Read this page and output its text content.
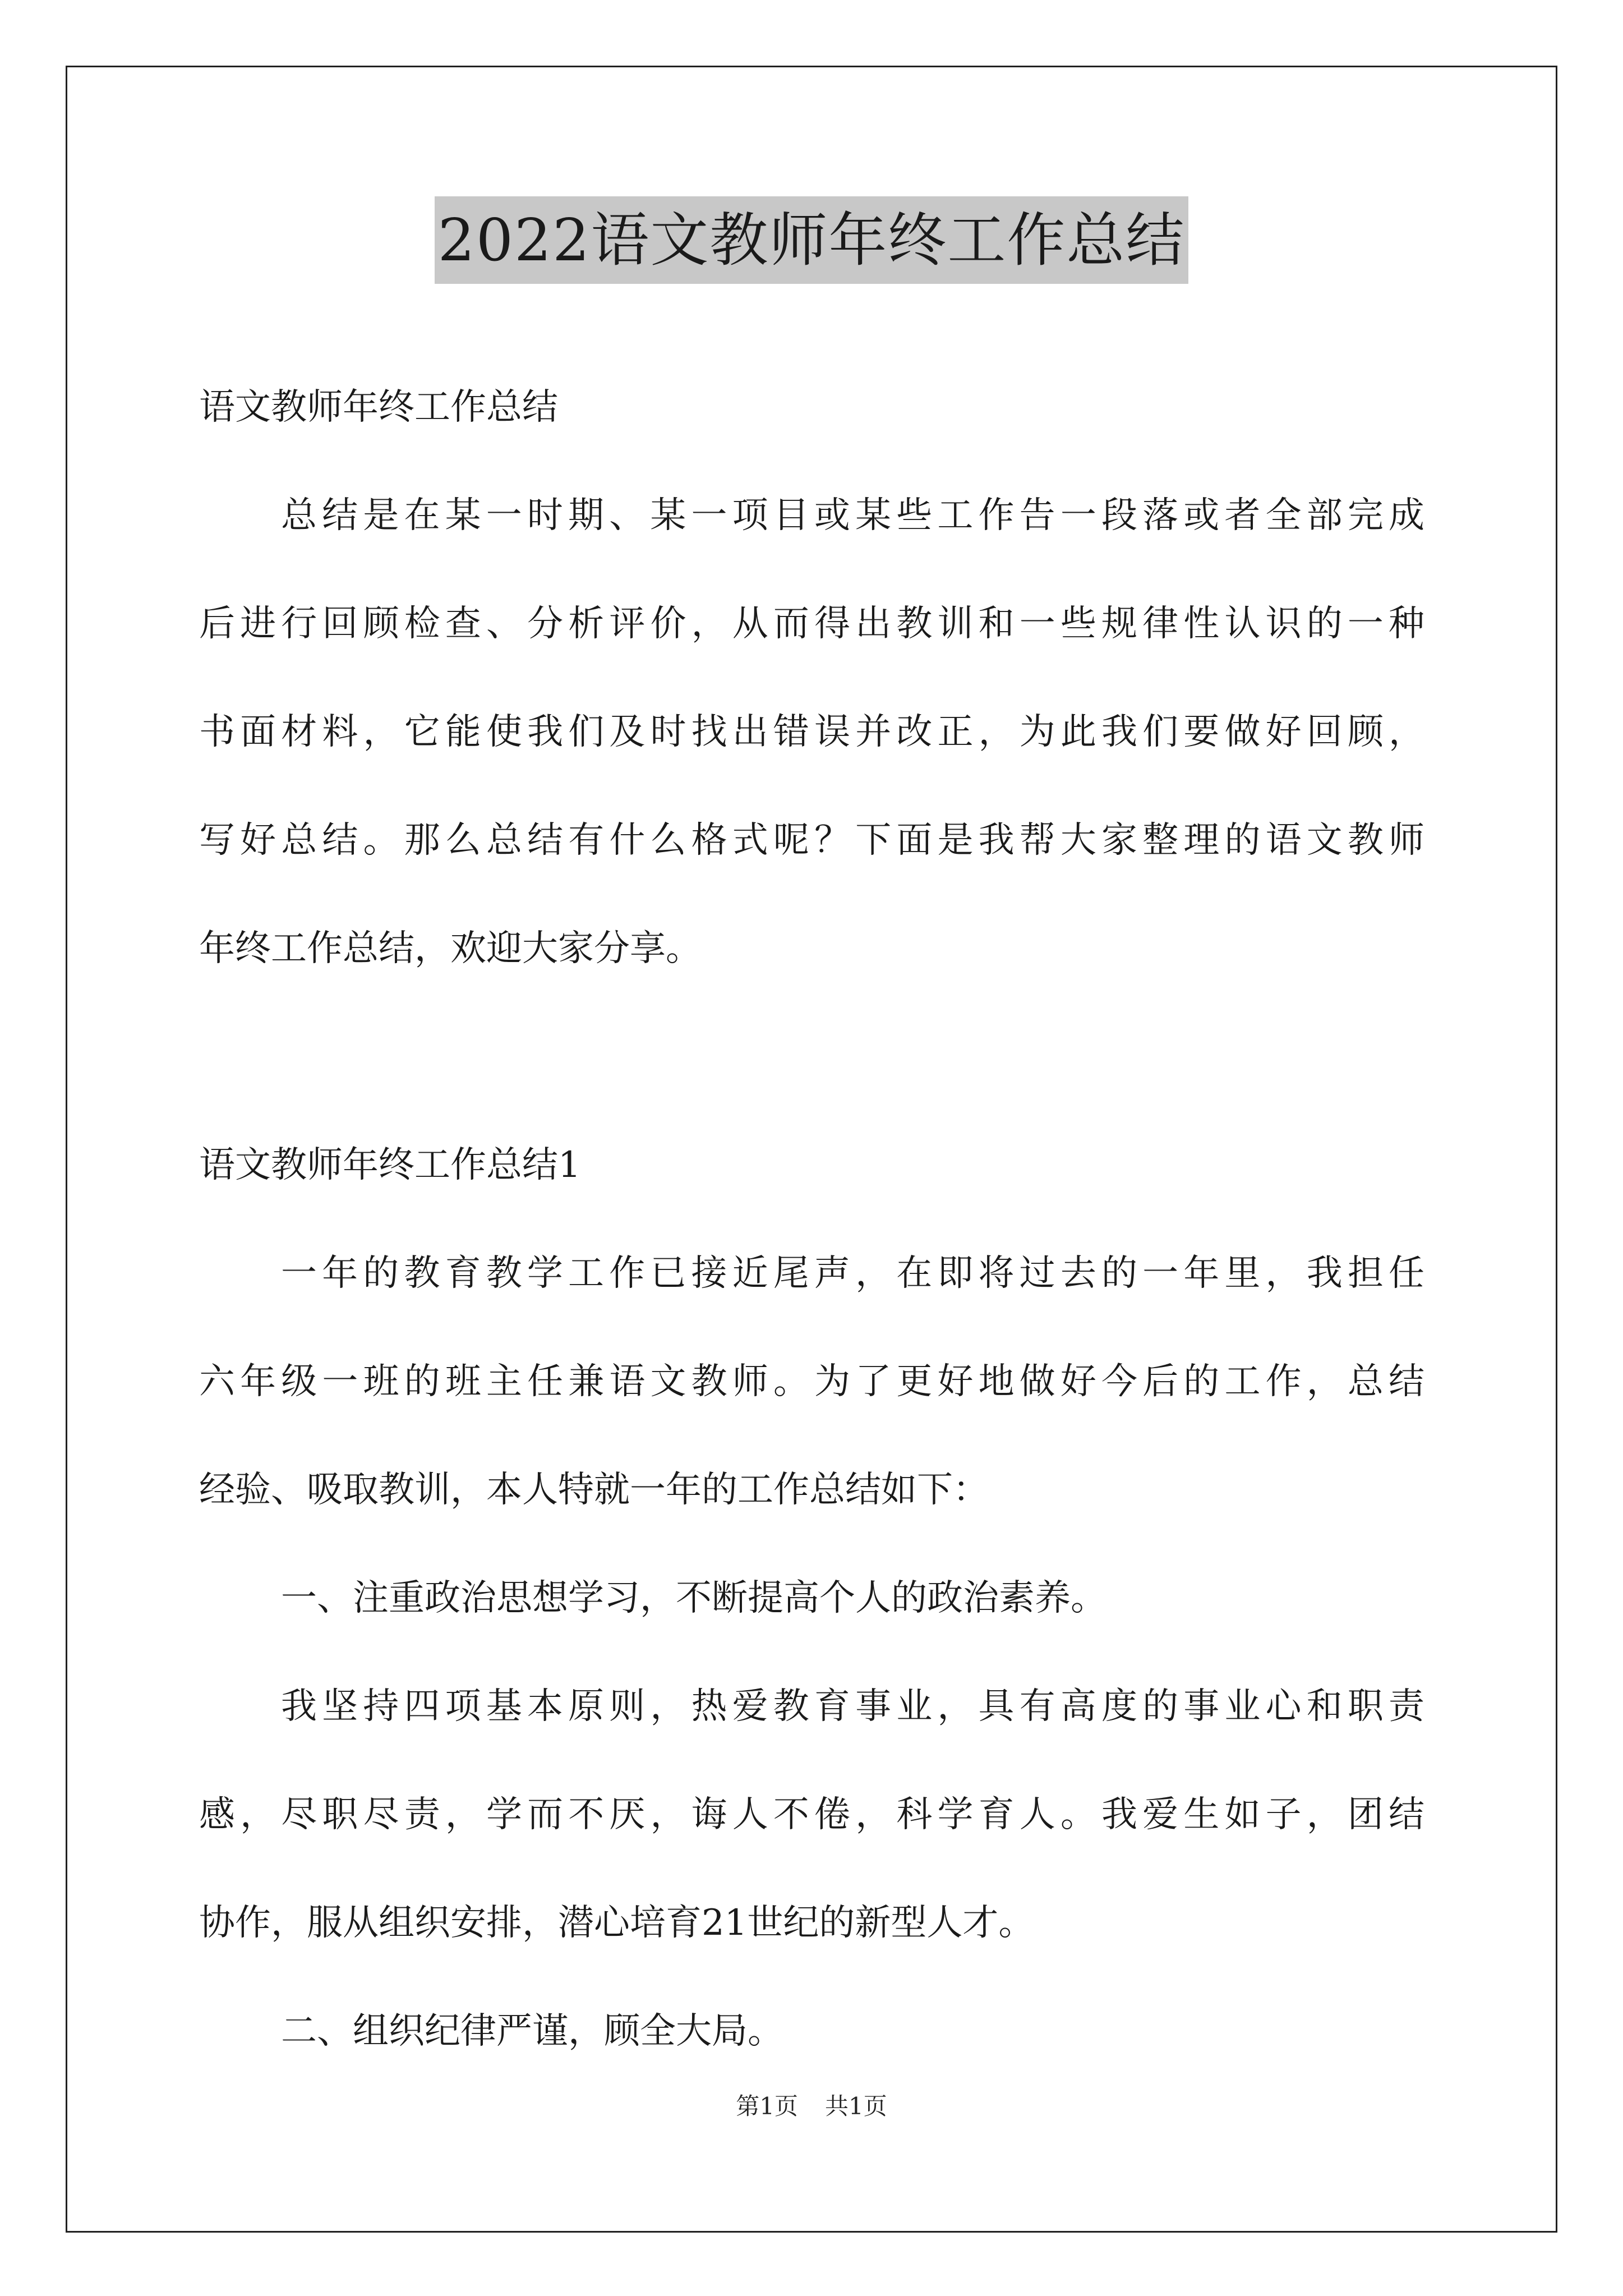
2022语文教师年终工作总结
语文教师年终工作总结
总结是在某一时期、某一项目或某些工作告一段落或者全部完成
后进行回顾检查、分析评价，从而得出教训和一些规律性认识的一种
书面材料，它能使我们及时找出错误并改正，为此我们要做好回顾，
写好总结。那么总结有什么格式呢？下面是我帮大家整理的语文教师
年终工作总结，欢迎大家分享。
语文教师年终工作总结1
一年的教育教学工作已接近尾声，在即将过去的一年里，我担任
六年级一班的班主任兼语文教师。为了更好地做好今后的工作，总结
经验、吸取教训，本人特就一年的工作总结如下：
一、注重政治思想学习，不断提高个人的政治素养。
我坚持四项基本原则，热爱教育事业，具有高度的事业心和职责
感，尽职尽责，学而不厌，诲人不倦，科学育人。我爱生如子，团结
协作，服从组织安排，潜心培育21世纪的新型人才。
二、组织纪律严谨，顾全大局。
第1页 共1页
